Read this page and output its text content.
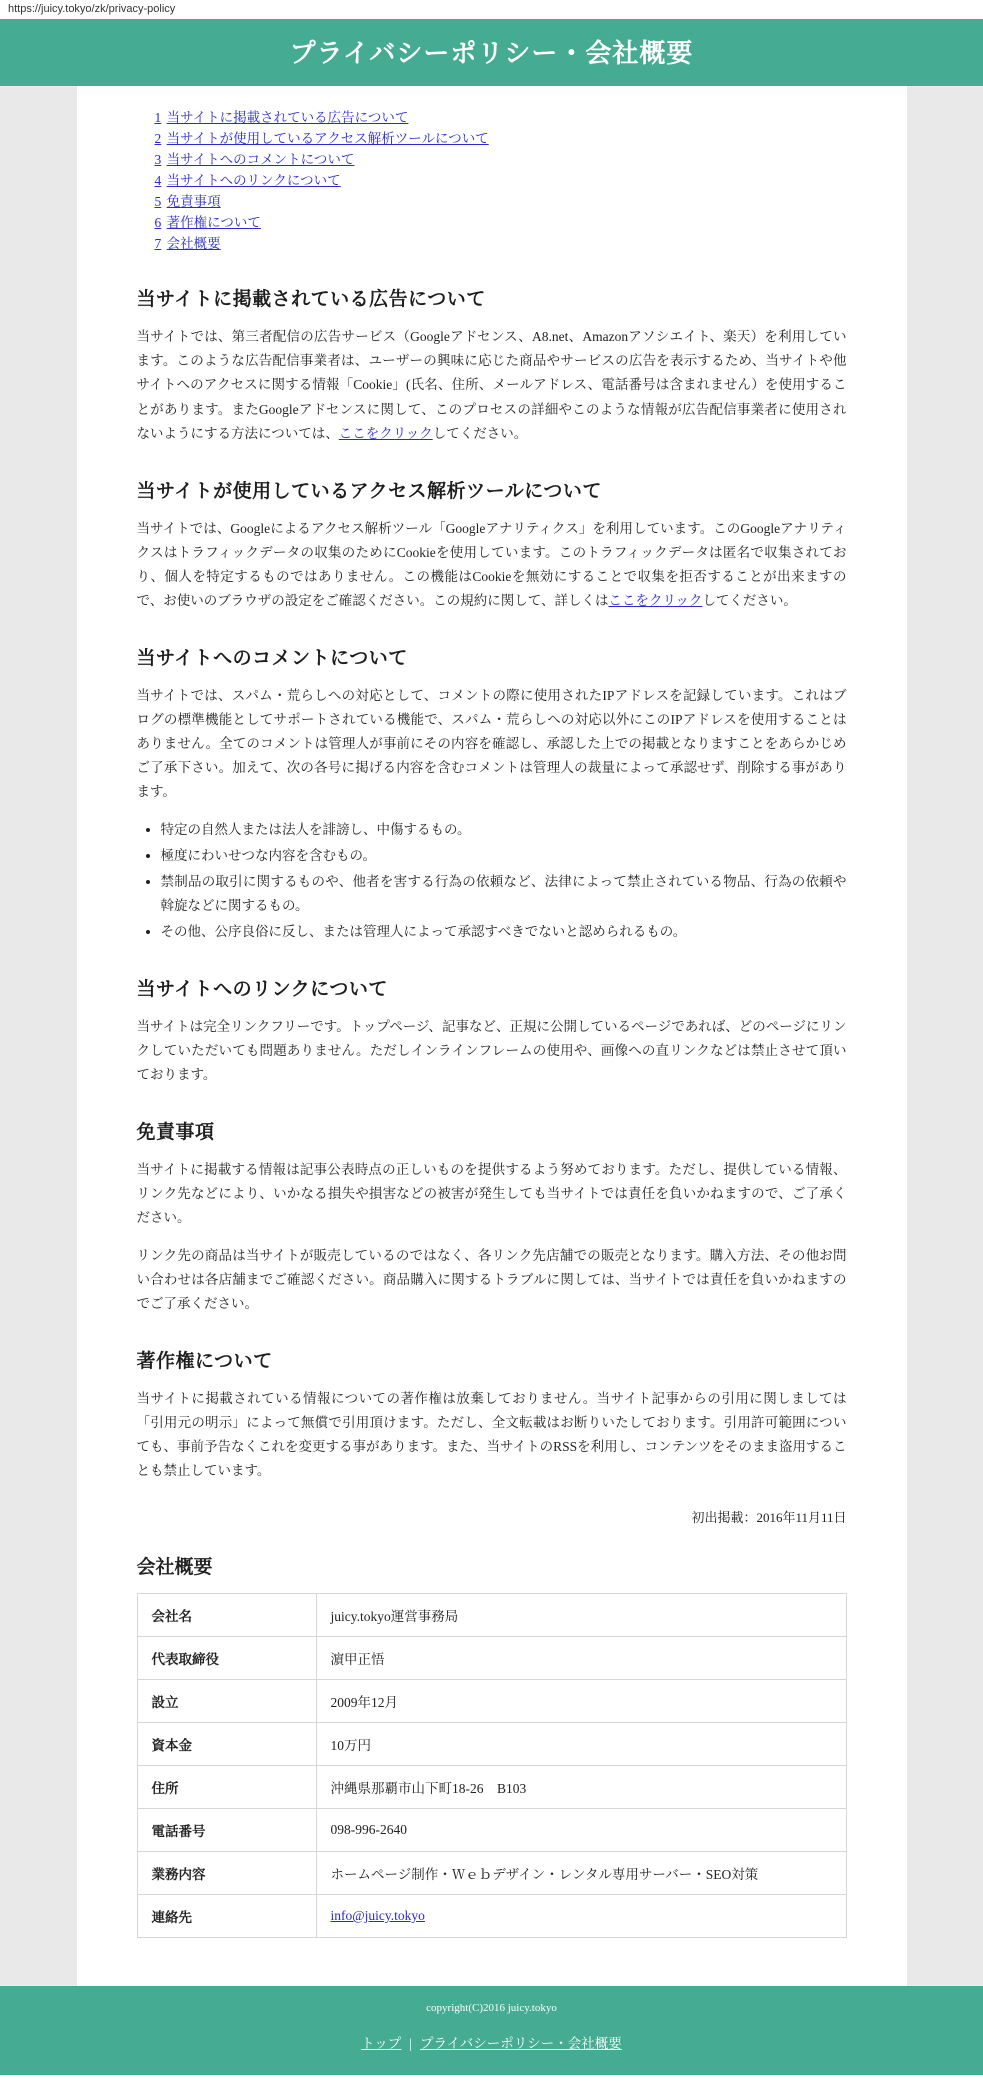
https://juicy.tokyo/zk/privacy-policy
プライバシーポリシー・会社概要
1 当サイトに掲載されている広告について
2 当サイトが使用しているアクセス解析ツールについて
3 当サイトへのコメントについて
4 当サイトへのリンクについて
5 免責事項
6 著作権について
7 会社概要
当サイトに掲載されている広告について

当サイトでは、第三者配信の広告サービス（Googleアドセンス、A8.net、Amazonアソシエイト、楽天）を利用しています。このような広告配信事業者は、ユーザーの興味に応じた商品やサービスの広告を表示するため、当サイトや他サイトへのアクセスに関する情報「Cookie」(氏名、住所、メールアドレス、電話番号は含まれません）を使用することがあります。またGoogleアドセンスに関して、このプロセスの詳細やこのような情報が広告配信事業者に使用されないようにする方法については、ここをクリックしてください。

当サイトが使用しているアクセス解析ツールについて

当サイトでは、Googleによるアクセス解析ツール「Googleアナリティクス」を利用しています。このGoogleアナリティクスはトラフィックデータの収集のためにCookieを使用しています。このトラフィックデータは匿名で収集されており、個人を特定するものではありません。この機能はCookieを無効にすることで収集を拒否することが出来ますので、お使いのブラウザの設定をご確認ください。この規約に関して、詳しくはここをクリックしてください。

当サイトへのコメントについて

当サイトでは、スパム・荒らしへの対応として、コメントの際に使用されたIPアドレスを記録しています。これはブログの標準機能としてサポートされている機能で、スパム・荒らしへの対応以外にこのIPアドレスを使用することはありません。全てのコメントは管理人が事前にその内容を確認し、承認した上での掲載となりますことをあらかじめご了承下さい。加えて、次の各号に掲げる内容を含むコメントは管理人の裁量によって承認せず、削除する事があります。

• 特定の自然人または法人を誹謗し、中傷するもの。
• 極度にわいせつな内容を含むもの。
• 禁制品の取引に関するものや、他者を害する行為の依頼など、法律によって禁止されている物品、行為の依頼や斡旋などに関するもの。
• その他、公序良俗に反し、または管理人によって承認すべきでないと認められるもの。
当サイトへのリンクについて

当サイトは完全リンクフリーです。トップページ、記事など、正規に公開しているページであれば、どのページにリンクしていただいても問題ありません。ただしインラインフレームの使用や、画像への直リンクなどは禁止させて頂いております。

免責事項

当サイトに掲載する情報は記事公表時点の正しいものを提供するよう努めております。ただし、提供している情報、リンク先などにより、いかなる損失や損害などの被害が発生しても当サイトでは責任を負いかねますので、ご了承ください。

リンク先の商品は当サイトが販売しているのではなく、各リンク先店舗での販売となります。購入方法、その他お問い合わせは各店舗までご確認ください。商品購入に関するトラブルに関しては、当サイトでは責任を負いかねますのでご了承ください。

著作権について

当サイトに掲載されている情報についての著作権は放棄しておりません。当サイト記事からの引用に関しましては「引用元の明示」によって無償で引用頂けます。ただし、全文転載はお断りいたしております。引用許可範囲についても、事前予告なくこれを変更する事があります。また、当サイトのRSSを利用し、コンテンツをそのまま盗用することも禁止しています。

初出掲載：2016年11月11日
会社概要
会社名	juicy.tokyo運営事務局
代表取締役	濵甲正悟
設立	2009年12月
資本金	10万円
住所	沖縄県那覇市山下町18-26　B103
電話番号	098-996-2640
業務内容	ホームページ制作・Ｗｅｂデザイン・レンタル専用サーバー・SEO対策
連絡先	info@juicy.tokyo
copyright(C)2016 juicy.tokyo
トップ | プライバシーポリシー・会社概要
